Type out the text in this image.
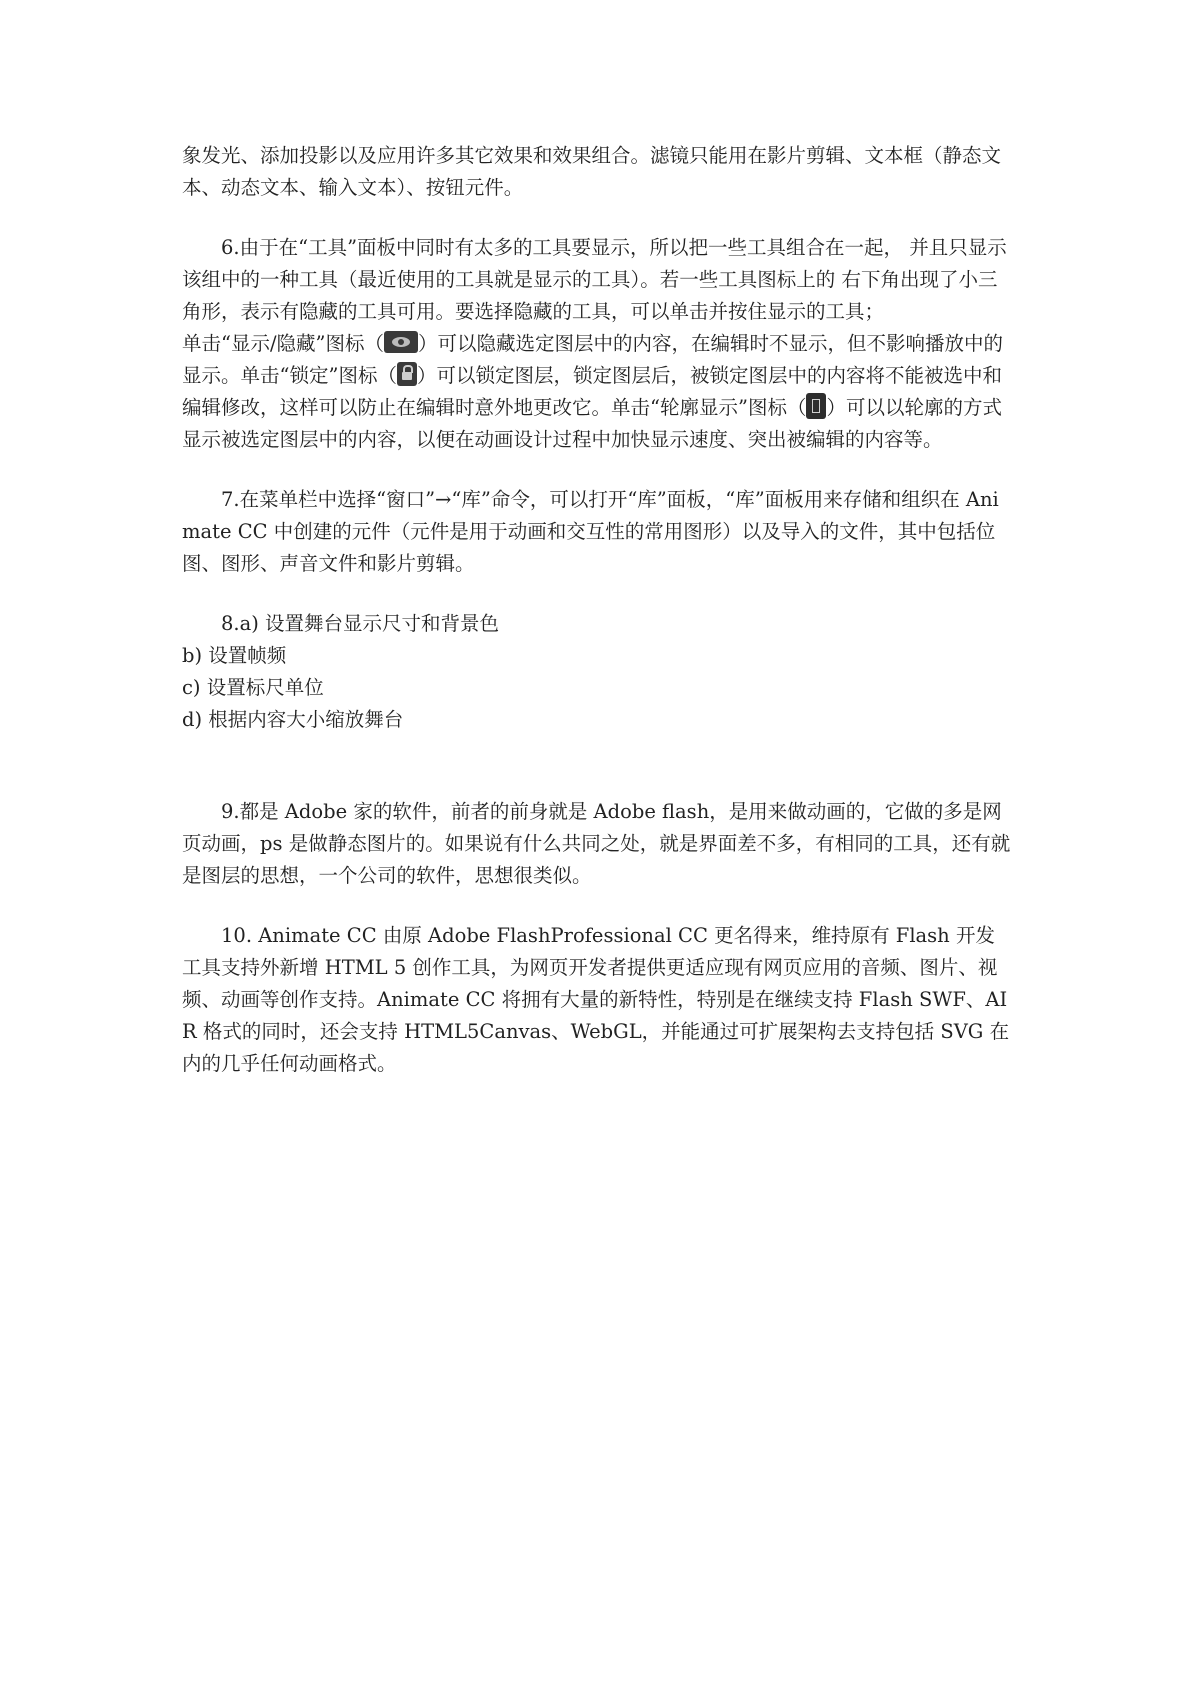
象发光、添加投影以及应用许多其它效果和效果组合。滤镜只能用在影片剪辑、文本框（静态文本、动态文本、输入文本）、按钮元件。

6.由于在“工具”面板中同时有太多的工具要显示，所以把一些工具组合在一起， 并且只显示该组中的一种工具（最近使用的工具就是显示的工具）。若一些工具图标上的 右下角出现了小三角形，表示有隐藏的工具可用。要选择隐藏的工具，可以单击并按住显示的工具；

单击“显示/隐藏”图标（ ）可以隐藏选定图层中的内容，在编辑时不显示，但不影响播放中的显示。单击“锁定”图标（ ）可以锁定图层，锁定图层后，被锁定图层中的内容将不能被选中和编辑修改，这样可以防止在编辑时意外地更改它。单击“轮廓显示”图标（ ）可以以轮廓的方式显示被选定图层中的内容，以便在动画设计过程中加快显示速度、突出被编辑的内容等。

7.在菜单栏中选择“窗口”→“库”命令，可以打开“库”面板，“库”面板用来存储和组织在 Animate CC 中创建的元件（元件是用于动画和交互性的常用图形）以及导入的文件，其中包括位图、图形、声音文件和影片剪辑。

8.a) 设置舞台显示尺寸和背景色

b) 设置帧频

c) 设置标尺单位

d) 根据内容大小缩放舞台

9.都是 Adobe 家的软件，前者的前身就是 Adobe flash，是用来做动画的，它做的多是网页动画，ps 是做静态图片的。如果说有什么共同之处，就是界面差不多，有相同的工具，还有就是图层的思想，一个公司的软件，思想很类似。

10. Animate CC 由原 Adobe FlashProfessional CC 更名得来，维持原有 Flash 开发工具支持外新增 HTML 5 创作工具，为网页开发者提供更适应现有网页应用的音频、图片、视频、动画等创作支持。Animate CC 将拥有大量的新特性，特别是在继续支持 Flash SWF、AIR 格式的同时，还会支持 HTML5Canvas、WebGL，并能通过可扩展架构去支持包括 SVG 在内的几乎任何动画格式。
